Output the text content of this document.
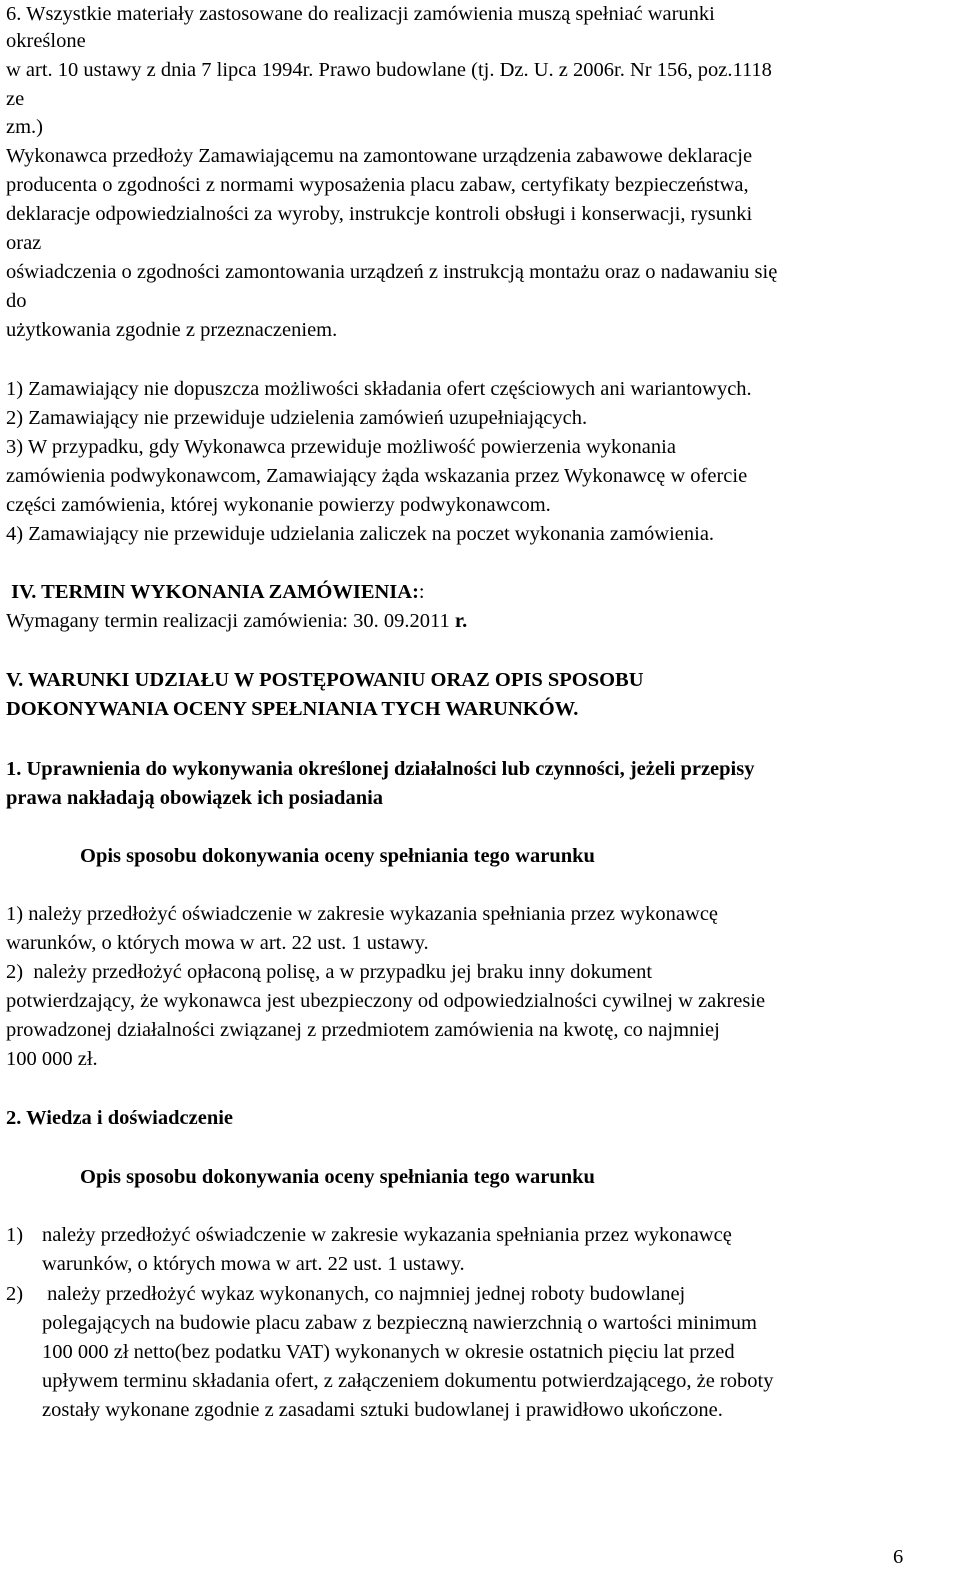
6. Wszystkie materiały zastosowane do realizacji zamówienia muszą spełniać warunki
określone
w art. 10 ustawy z dnia 7 lipca 1994r. Prawo budowlane (tj. Dz. U. z 2006r. Nr 156, poz.1118
ze
zm.)
Wykonawca przedłoży Zamawiającemu na zamontowane urządzenia zabawowe deklaracje
producenta o zgodności z normami wyposażenia placu zabaw, certyfikaty bezpieczeństwa,
deklaracje odpowiedzialności za wyroby, instrukcje kontroli obsługi i konserwacji, rysunki
oraz
oświadczenia o zgodności zamontowania urządzeń z instrukcją montażu oraz o nadawaniu się
do
użytkowania zgodnie z przeznaczeniem.
1) Zamawiający nie dopuszcza możliwości składania ofert częściowych ani wariantowych.
2) Zamawiający nie przewiduje udzielenia zamówień uzupełniających.
3) W przypadku, gdy Wykonawca przewiduje możliwość powierzenia wykonania
zamówienia podwykonawcom, Zamawiający żąda wskazania przez Wykonawcę w ofercie
części zamówienia, której wykonanie powierzy podwykonawcom.
4) Zamawiający nie przewiduje udzielania zaliczek na poczet wykonania zamówienia.
IV. TERMIN WYKONANIA ZAMÓWIENIA::
Wymagany termin realizacji zamówienia: 30. 09.2011 r.
V. WARUNKI UDZIAŁU W POSTĘPOWANIU ORAZ OPIS SPOSOBU
DOKONYWANIA OCENY SPEŁNIANIA TYCH WARUNKÓW.
1. Uprawnienia do wykonywania określonej działalności lub czynności, jeżeli przepisy
prawa nakładają obowiązek ich posiadania
Opis sposobu dokonywania oceny spełniania tego warunku
1) należy przedłożyć oświadczenie w zakresie wykazania spełniania przez wykonawcę
warunków, o których mowa w art. 22 ust. 1 ustawy.
2)  należy przedłożyć opłaconą polisę, a w przypadku jej braku inny dokument
potwierdzający, że wykonawca jest ubezpieczony od odpowiedzialności cywilnej w zakresie
prowadzonej działalności związanej z przedmiotem zamówienia na kwotę, co najmniej
100 000 zł.
2. Wiedza i doświadczenie
Opis sposobu dokonywania oceny spełniania tego warunku
1) należy przedłożyć oświadczenie w zakresie wykazania spełniania przez wykonawcę
warunków, o których mowa w art. 22 ust. 1 ustawy.
2) należy przedłożyć wykaz wykonanych, co najmniej jednej roboty budowlanej
polegających na budowie placu zabaw z bezpieczną nawierzchnią o wartości minimum
100 000 zł netto(bez podatku VAT) wykonanych w okresie ostatnich pięciu lat przed
upływem terminu składania ofert, z załączeniem dokumentu potwierdzającego, że roboty
zostały wykonane zgodnie z zasadami sztuki budowlanej i prawidłowo ukończone.
6
